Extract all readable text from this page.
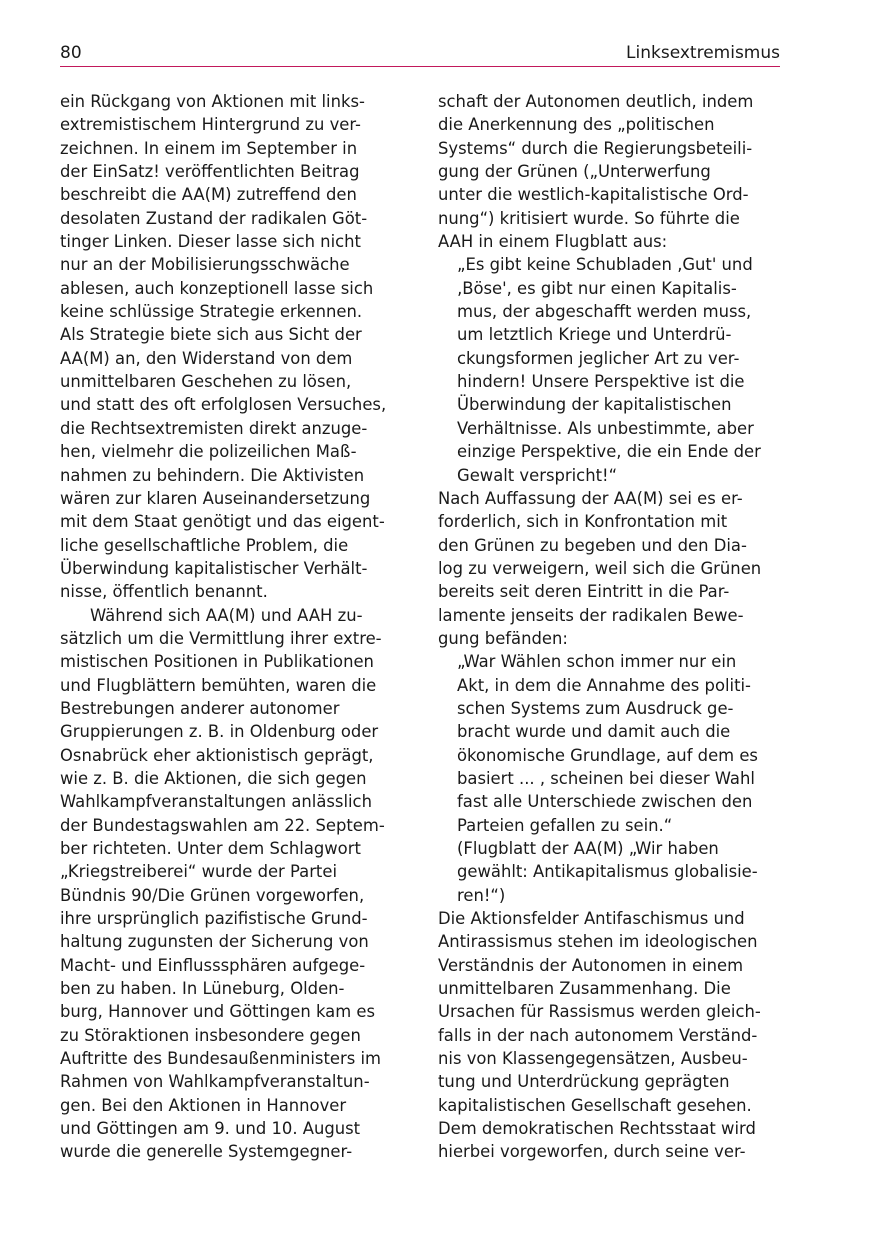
80	Linksextremismus
ein Rückgang von Aktionen mit links-
extremistischem Hintergrund zu ver-
zeichnen. In einem im September in
der EinSatz! veröffentlichten Beitrag
beschreibt die AA(M) zutreffend den
desolaten Zustand der radikalen Göt-
tinger Linken. Dieser lasse sich nicht
nur an der Mobilisierungsschwäche
ablesen, auch konzeptionell lasse sich
keine schlüssige Strategie erkennen.
Als Strategie biete sich aus Sicht der
AA(M) an, den Widerstand von dem
unmittelbaren Geschehen zu lösen,
und statt des oft erfolglosen Versuches,
die Rechtsextremisten direkt anzuge-
hen, vielmehr die polizeilichen Maß-
nahmen zu behindern. Die Aktivisten
wären zur klaren Auseinandersetzung
mit dem Staat genötigt und das eigent-
liche gesellschaftliche Problem, die
Überwindung kapitalistischer Verhält-
nisse, öffentlich benannt.
Während sich AA(M) und AAH zu-
sätzlich um die Vermittlung ihrer extre-
mistischen Positionen in Publikationen
und Flugblättern bemühten, waren die
Bestrebungen anderer autonomer
Gruppierungen z. B. in Oldenburg oder
Osnabrück eher aktionistisch geprägt,
wie z. B. die Aktionen, die sich gegen
Wahlkampfveranstaltungen anlässlich
der Bundestagswahlen am 22. Septem-
ber richteten. Unter dem Schlagwort
„Kriegstreiberei“ wurde der Partei
Bündnis 90/Die Grünen vorgeworfen,
ihre ursprünglich pazifistische Grund-
haltung zugunsten der Sicherung von
Macht- und Einflusssphären aufgege-
ben zu haben. In Lüneburg, Olden-
burg, Hannover und Göttingen kam es
zu Störaktionen insbesondere gegen
Auftritte des Bundesaußenministers im
Rahmen von Wahlkampfveranstaltun-
gen. Bei den Aktionen in Hannover
und Göttingen am 9. und 10. August
wurde die generelle Systemgegner-
schaft der Autonomen deutlich, indem
die Anerkennung des „politischen
Systems“ durch die Regierungsbeteili-
gung der Grünen („Unterwerfung
unter die westlich-kapitalistische Ord-
nung“) kritisiert wurde. So führte die
AAH in einem Flugblatt aus:
„Es gibt keine Schubladen ‚Gut' und
‚Böse', es gibt nur einen Kapitalis-
mus, der abgeschafft werden muss,
um letztlich Kriege und Unterdrü-
ckungsformen jeglicher Art zu ver-
hindern! Unsere Perspektive ist die
Überwindung der kapitalistischen
Verhältnisse. Als unbestimmte, aber
einzige Perspektive, die ein Ende der
Gewalt verspricht!“
Nach Auffassung der AA(M) sei es er-
forderlich, sich in Konfrontation mit
den Grünen zu begeben und den Dia-
log zu verweigern, weil sich die Grünen
bereits seit deren Eintritt in die Par-
lamente jenseits der radikalen Bewe-
gung befänden:
„War Wählen schon immer nur ein
Akt, in dem die Annahme des politi-
schen Systems zum Ausdruck ge-
bracht wurde und damit auch die
ökonomische Grundlage, auf dem es
basiert ... , scheinen bei dieser Wahl
fast alle Unterschiede zwischen den
Parteien gefallen zu sein.“
(Flugblatt der AA(M) „Wir haben
gewählt: Antikapitalismus globalisie-
ren!“)
Die Aktionsfelder Antifaschismus und
Antirassismus stehen im ideologischen
Verständnis der Autonomen in einem
unmittelbaren Zusammenhang. Die
Ursachen für Rassismus werden gleich-
falls in der nach autonomem Verständ-
nis von Klassengegensätzen, Ausbeu-
tung und Unterdrückung geprägten
kapitalistischen Gesellschaft gesehen.
Dem demokratischen Rechtsstaat wird
hierbei vorgeworfen, durch seine ver-
